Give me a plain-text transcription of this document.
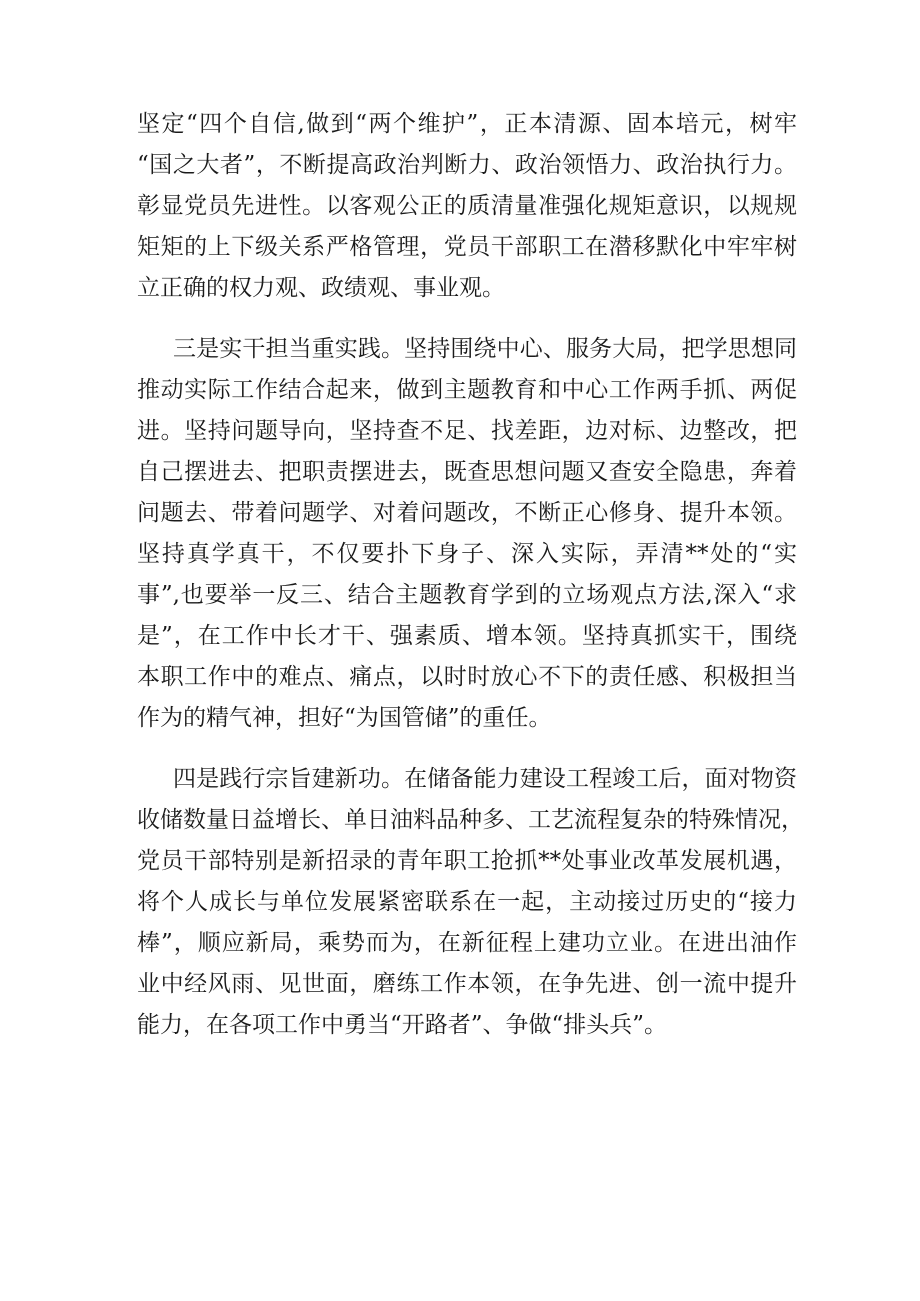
坚定“四个自信,做到“两个维护”，正本清源、固本培元，树牢
“国之大者”，不断提高政治判断力、政治领悟力、政治执行力。
彰显党员先进性。以客观公正的质清量准强化规矩意识，以规规
矩矩的上下级关系严格管理，党员干部职工在潜移默化中牢牢树
立正确的权力观、政绩观、事业观。
三是实干担当重实践。坚持围绕中心、服务大局，把学思想同
推动实际工作结合起来，做到主题教育和中心工作两手抓、两促
进。坚持问题导向，坚持查不足、找差距，边对标、边整改，把
自己摆进去、把职责摆进去，既查思想问题又查安全隐患，奔着
问题去、带着问题学、对着问题改，不断正心修身、提升本领。
坚持真学真干，不仅要扑下身子、深入实际，弄清**处的“实
事”,也要举一反三、结合主题教育学到的立场观点方法,深入“求
是”，在工作中长才干、强素质、增本领。坚持真抓实干，围绕
本职工作中的难点、痛点，以时时放心不下的责任感、积极担当
作为的精气神，担好“为国管储”的重任。
四是践行宗旨建新功。在储备能力建设工程竣工后，面对物资
收储数量日益增长、单日油料品种多、工艺流程复杂的特殊情况，
党员干部特别是新招录的青年职工抢抓**处事业改革发展机遇，
将个人成长与单位发展紧密联系在一起，主动接过历史的“接力
棒”，顺应新局，乘势而为，在新征程上建功立业。在进出油作
业中经风雨、见世面，磨练工作本领，在争先进、创一流中提升
能力，在各项工作中勇当“开路者”、争做“排头兵”。
